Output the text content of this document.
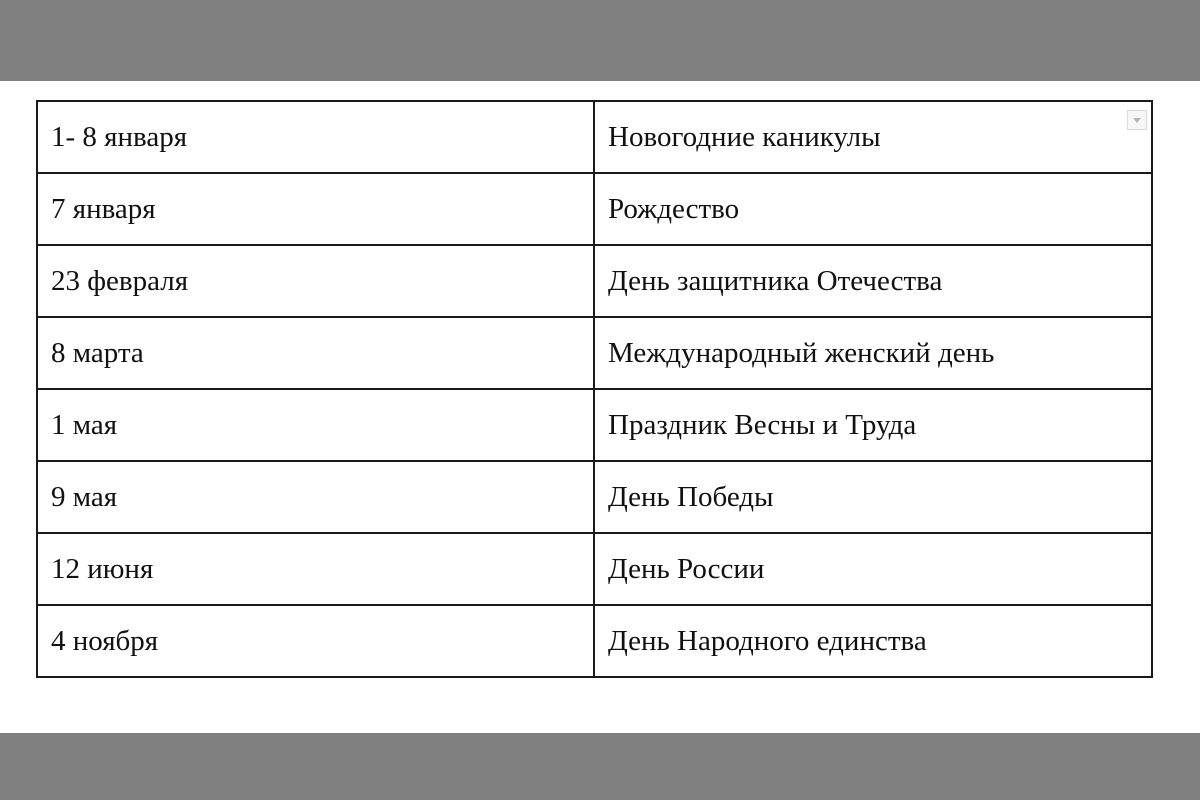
1- 8 января	Новогодние каникулы

7 января	Рождество
23 февраля	День защитника Отечества
8 марта	Международный женский день
1 мая	Праздник Весны и Труда
9 мая	День Победы
12 июня	День России
4 ноября	День Народного единства
